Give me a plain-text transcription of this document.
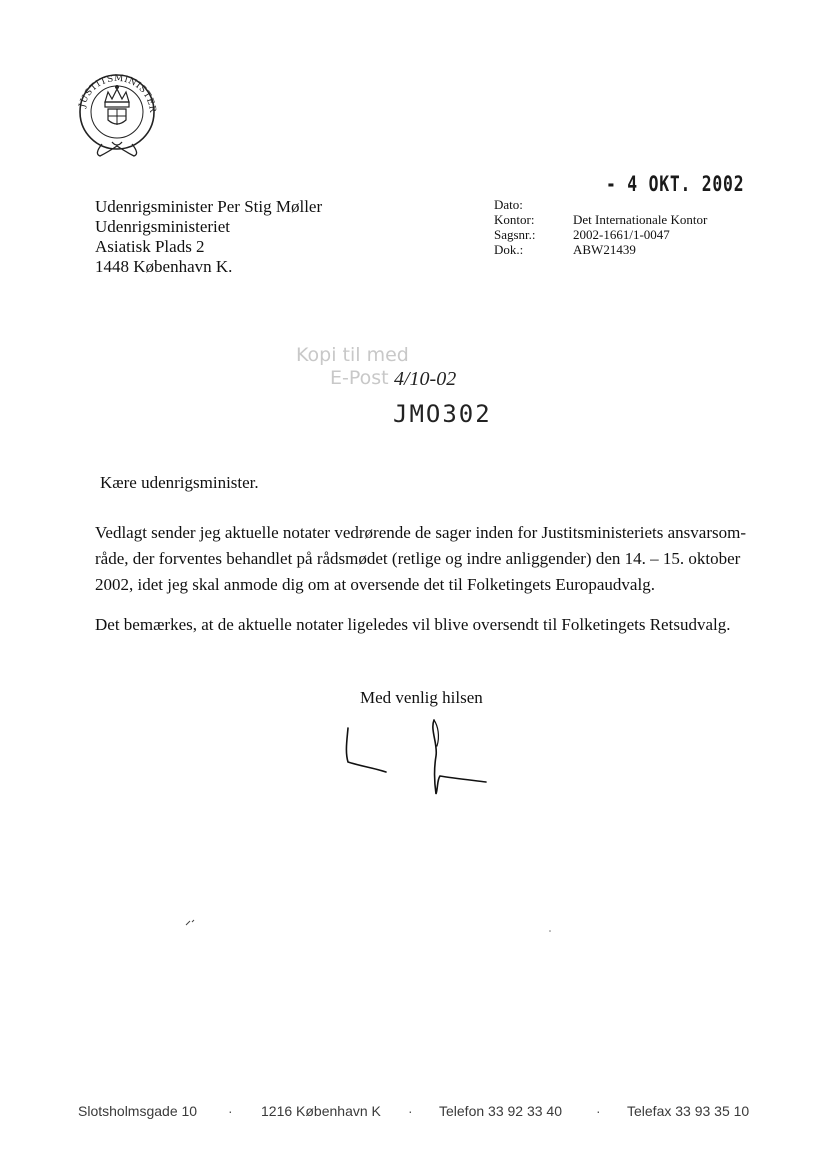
JUSTITSMINISTER
- 4 OKT. 2002
Udenrigsminister Per Stig Møller
Udenrigsministeriet
Asiatisk Plads 2
1448 København K.
Dato:	
Kontor:	Det Internationale Kontor
Sagsnr.:	2002-1661/1-0047
Dok.:	ABW21439
Kopi til med
E-Post 4/10-02
JMO302
Kære udenrigsminister.

Vedlagt sender jeg aktuelle notater vedrørende de sager inden for Justitsministeriets ansvarsom-

råde, der forventes behandlet på rådsmødet (retlige og indre anliggender) den 14. – 15. oktober

2002, idet jeg skal anmode dig om at oversende det til Folketingets Europaudvalg.

Det bemærkes, at de aktuelle notater ligeledes vil blive oversendt til Folketingets Retsudvalg.
Med venlig hilsen
Slotsholmsgade 10 · 1216 København K · Telefon 33 92 33 40 · Telefax 33 93 35 10
